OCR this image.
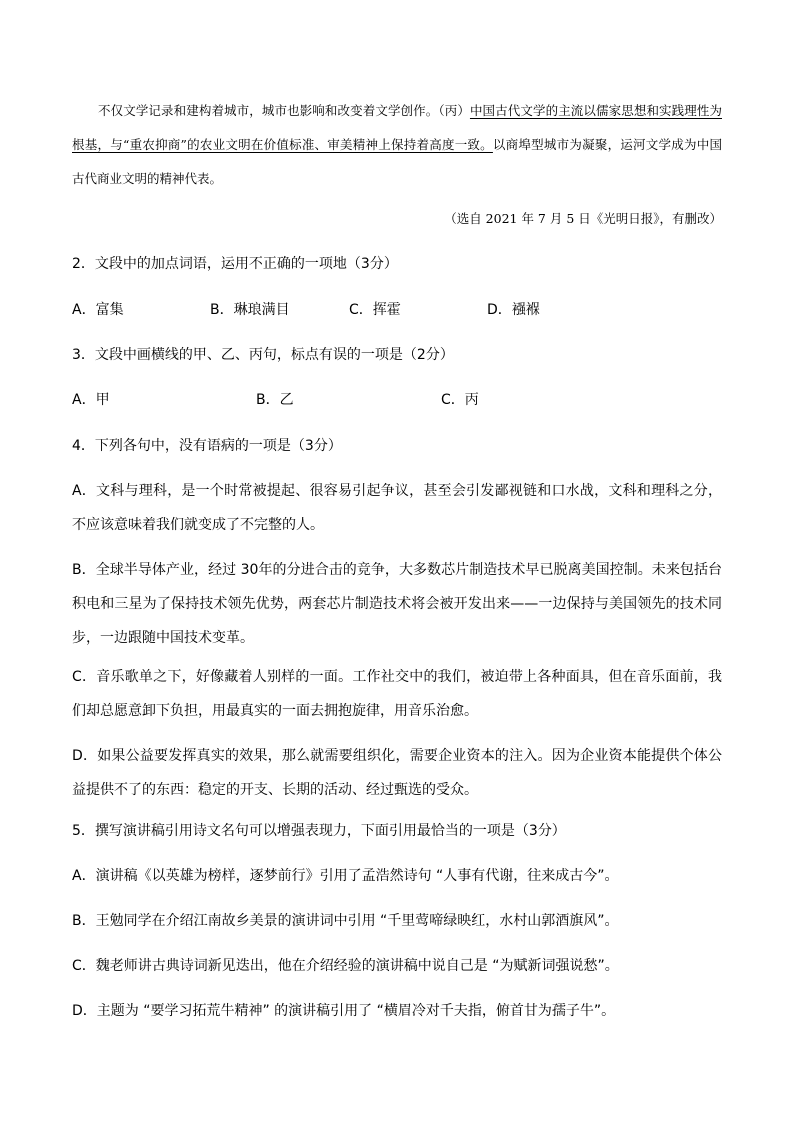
不仅文学记录和建构着城市，城市也影响和改变着文学创作。（丙）中国古代文学的主流以儒家思想和实践理性为根基，与“重农抑商”的农业文明在价值标准、审美精神上保持着高度一致。以商埠型城市为凝聚，运河文学成为中国古代商业文明的精神代表。

（选自 2021 年 7 月 5 日《光明日报》，有删改）
2．文段中的加点词语，运用不正确的一项地（3分）
A．富集	B．琳琅满目	C．挥霍	D．襁褓
3．文段中画横线的甲、乙、丙句，标点有误的一项是（2分）
A．甲	B．乙	C．丙
4．下列各句中，没有语病的一项是（3分）
A．文科与理科，是一个时常被提起、很容易引起争议，甚至会引发鄙视链和口水战，文科和理科之分，不应该意味着我们就变成了不完整的人。
B．全球半导体产业，经过 30年的分进合击的竞争，大多数芯片制造技术早已脱离美国控制。未来包括台积电和三星为了保持技术领先优势，两套芯片制造技术将会被开发出来——一边保持与美国领先的技术同步，一边跟随中国技术变革。
C．音乐歌单之下，好像藏着人别样的一面。工作社交中的我们，被迫带上各种面具，但在音乐面前，我们却总愿意卸下负担，用最真实的一面去拥抱旋律，用音乐治愈。
D．如果公益要发挥真实的效果，那么就需要组织化，需要企业资本的注入。因为企业资本能提供个体公益提供不了的东西：稳定的开支、长期的活动、经过甄选的受众。
5．撰写演讲稿引用诗文名句可以增强表现力，下面引用最恰当的一项是（3分）
A．演讲稿《以英雄为榜样，逐梦前行》引用了孟浩然诗句 “人事有代谢，往来成古今”。
B．王勉同学在介绍江南故乡美景的演讲词中引用 “千里莺啼绿映红，水村山郭酒旗风”。
C．魏老师讲古典诗词新见迭出，他在介绍经验的演讲稿中说自己是 “为赋新词强说愁”。
D．主题为 “要学习拓荒牛精神” 的演讲稿引用了 “横眉冷对千夫指，俯首甘为孺子牛”。
